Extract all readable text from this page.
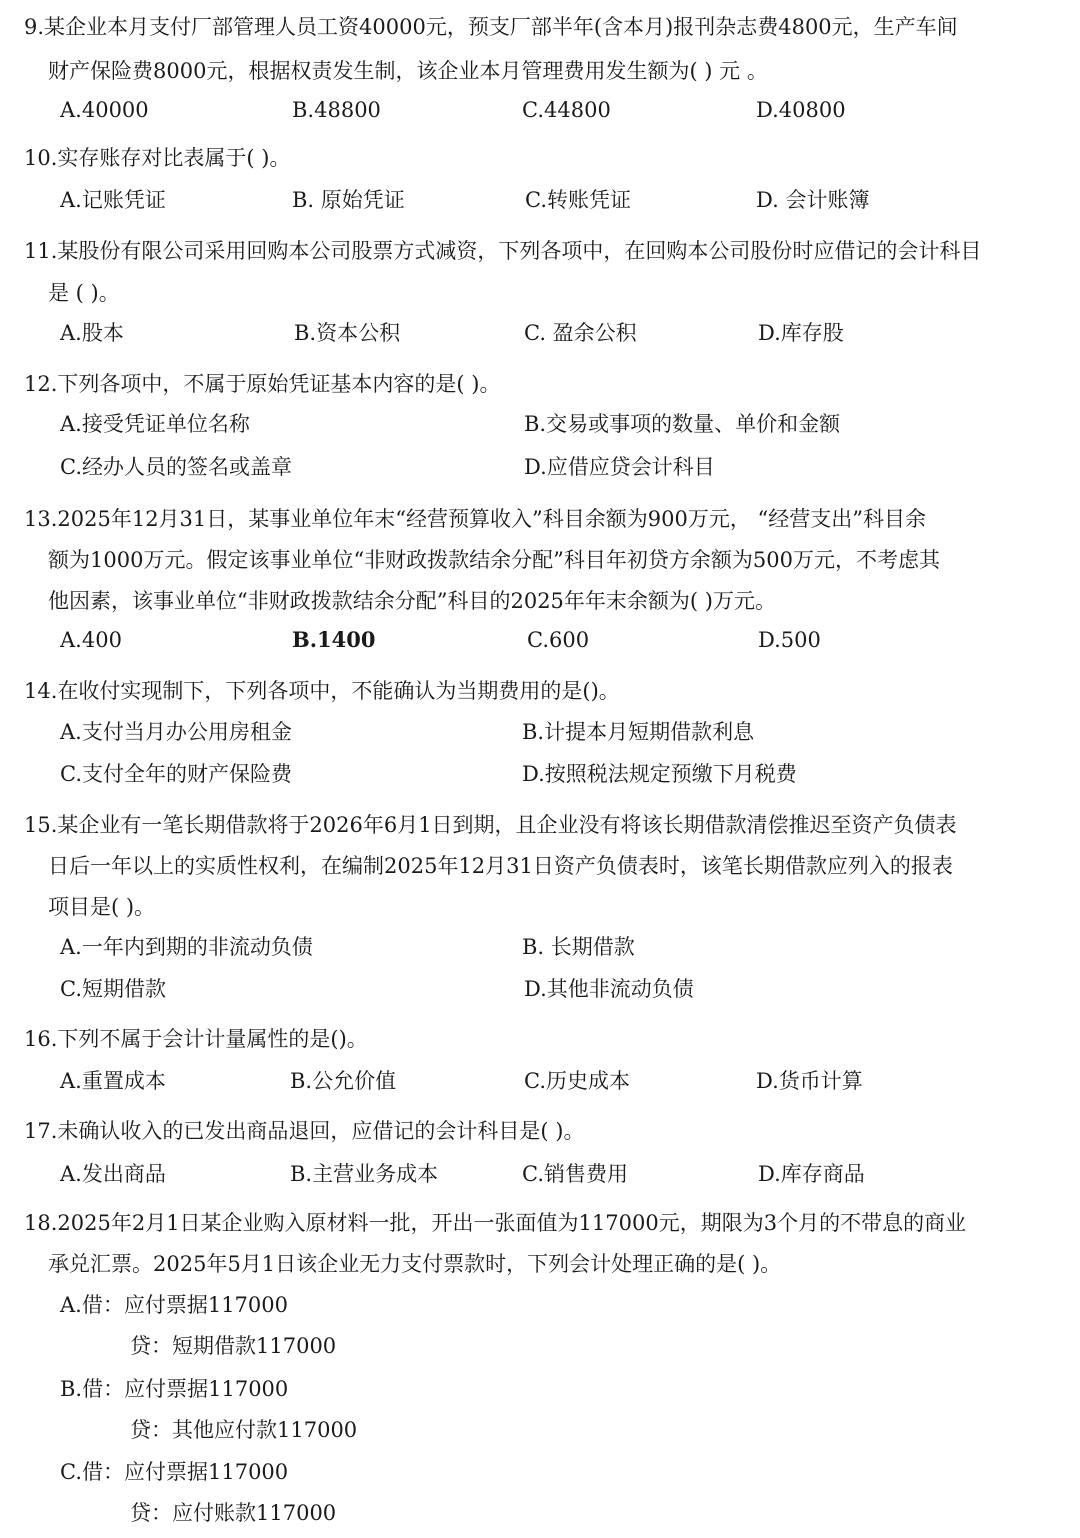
9.某企业本月支付厂部管理人员工资40000元，预支厂部半年(含本月)报刊杂志费4800元，生产车间
财产保险费8000元，根据权责发生制，该企业本月管理费用发生额为( ) 元 。
A.40000	B.48800	C.44800	D.40800
10.实存账存对比表属于( )。
A.记账凭证	B. 原始凭证	C.转账凭证	D. 会计账簿
11.某股份有限公司采用回购本公司股票方式减资，下列各项中，在回购本公司股份时应借记的会计科目
是 ( )。
A.股本	B.资本公积	C. 盈余公积	D.库存股
12.下列各项中，不属于原始凭证基本内容的是( )。
A.接受凭证单位名称	B.交易或事项的数量、单价和金额
C.经办人员的签名或盖章	D.应借应贷会计科目
13.2025年12月31日，某事业单位年末“经营预算收入”科目余额为900万元， “经营支出”科目余
额为1000万元。假定该事业单位“非财政拨款结余分配”科目年初贷方余额为500万元，不考虑其
他因素，该事业单位“非财政拨款结余分配”科目的2025年年末余额为( )万元。
A.400	B.1400	C.600	D.500
14.在收付实现制下，下列各项中，不能确认为当期费用的是()。
A.支付当月办公用房租金	B.计提本月短期借款利息
C.支付全年的财产保险费	D.按照税法规定预缴下月税费
15.某企业有一笔长期借款将于2026年6月1日到期，且企业没有将该长期借款清偿推迟至资产负债表
日后一年以上的实质性权利，在编制2025年12月31日资产负债表时，该笔长期借款应列入的报表
项目是( )。
A.一年内到期的非流动负债	B. 长期借款
C.短期借款	D.其他非流动负债
16.下列不属于会计计量属性的是()。
A.重置成本	B.公允价值	C.历史成本	D.货币计算
17.未确认收入的已发出商品退回，应借记的会计科目是( )。
A.发出商品	B.主营业务成本	C.销售费用	D.库存商品
18.2025年2月1日某企业购入原材料一批，开出一张面值为117000元，期限为3个月的不带息的商业
承兑汇票。2025年5月1日该企业无力支付票款时，下列会计处理正确的是( )。
A.借：应付票据117000
贷：短期借款117000
B.借：应付票据117000
贷：其他应付款117000
C.借：应付票据117000
贷：应付账款117000
